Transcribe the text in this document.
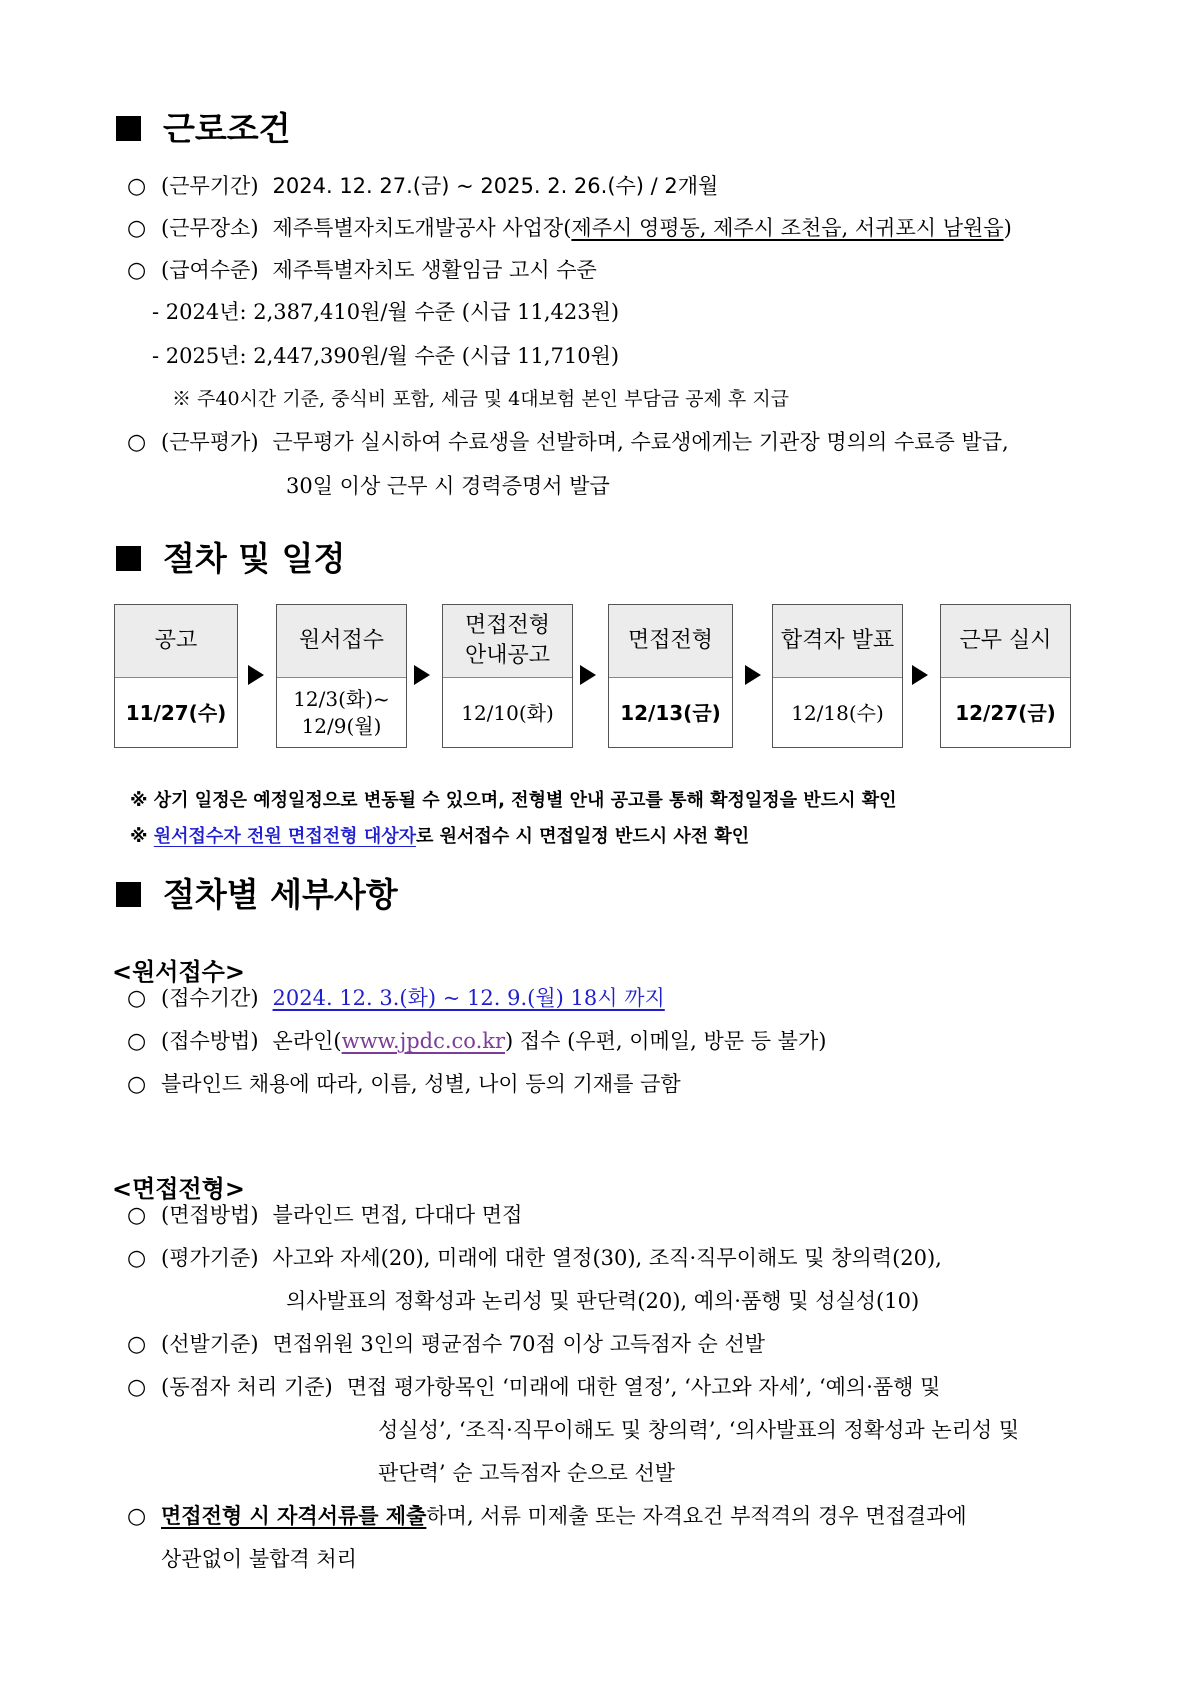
근로조건

○ (근무기간) 2024. 12. 27.(금) ~ 2025. 2. 26.(수) / 2개월

○ (근무장소) 제주특별자치도개발공사 사업장(제주시 영평동, 제주시 조천읍, 서귀포시 남원읍)

○ (급여수준) 제주특별자치도 생활임금 고시 수준

- 2024년: 2,387,410원/월 수준 (시급 11,423원)

- 2025년: 2,447,390원/월 수준 (시급 11,710원)

※ 주40시간 기준, 중식비 포함, 세금 및 4대보험 본인 부담금 공제 후 지급

○ (근무평가) 근무평가 실시하여 수료생을 선발하며, 수료생에게는 기관장 명의의 수료증 발급,

30일 이상 근무 시 경력증명서 발급

절차 및 일정
공고
11/27(수)
원서접수
12/3(화)~
12/9(월)
면접전형
안내공고
12/10(화)
면접전형
12/13(금)
합격자 발표
12/18(수)
근무 실시
12/27(금)

※ 상기 일정은 예정일정으로 변동될 수 있으며, 전형별 안내 공고를 통해 확정일정을 반드시 확인

※ 원서접수자 전원 면접전형 대상자로 원서접수 시 면접일정 반드시 사전 확인

절차별 세부사항

<원서접수>

○ (접수기간) 2024. 12. 3.(화) ~ 12. 9.(월) 18시 까지

○ (접수방법) 온라인(www.jpdc.co.kr) 접수 (우편, 이메일, 방문 등 불가)

○ 블라인드 채용에 따라, 이름, 성별, 나이 등의 기재를 금함

<면접전형>

○ (면접방법) 블라인드 면접, 다대다 면접

○ (평가기준) 사고와 자세(20), 미래에 대한 열정(30), 조직·직무이해도 및 창의력(20),

의사발표의 정확성과 논리성 및 판단력(20), 예의·품행 및 성실성(10)

○ (선발기준) 면접위원 3인의 평균점수 70점 이상 고득점자 순 선발

○ (동점자 처리 기준) 면접 평가항목인 ‘미래에 대한 열정’, ‘사고와 자세’, ‘예의·품행 및

성실성’, ‘조직·직무이해도 및 창의력’, ‘의사발표의 정확성과 논리성 및

판단력’ 순 고득점자 순으로 선발

○ 면접전형 시 자격서류를 제출하며, 서류 미제출 또는 자격요건 부적격의 경우 면접결과에

상관없이 불합격 처리
